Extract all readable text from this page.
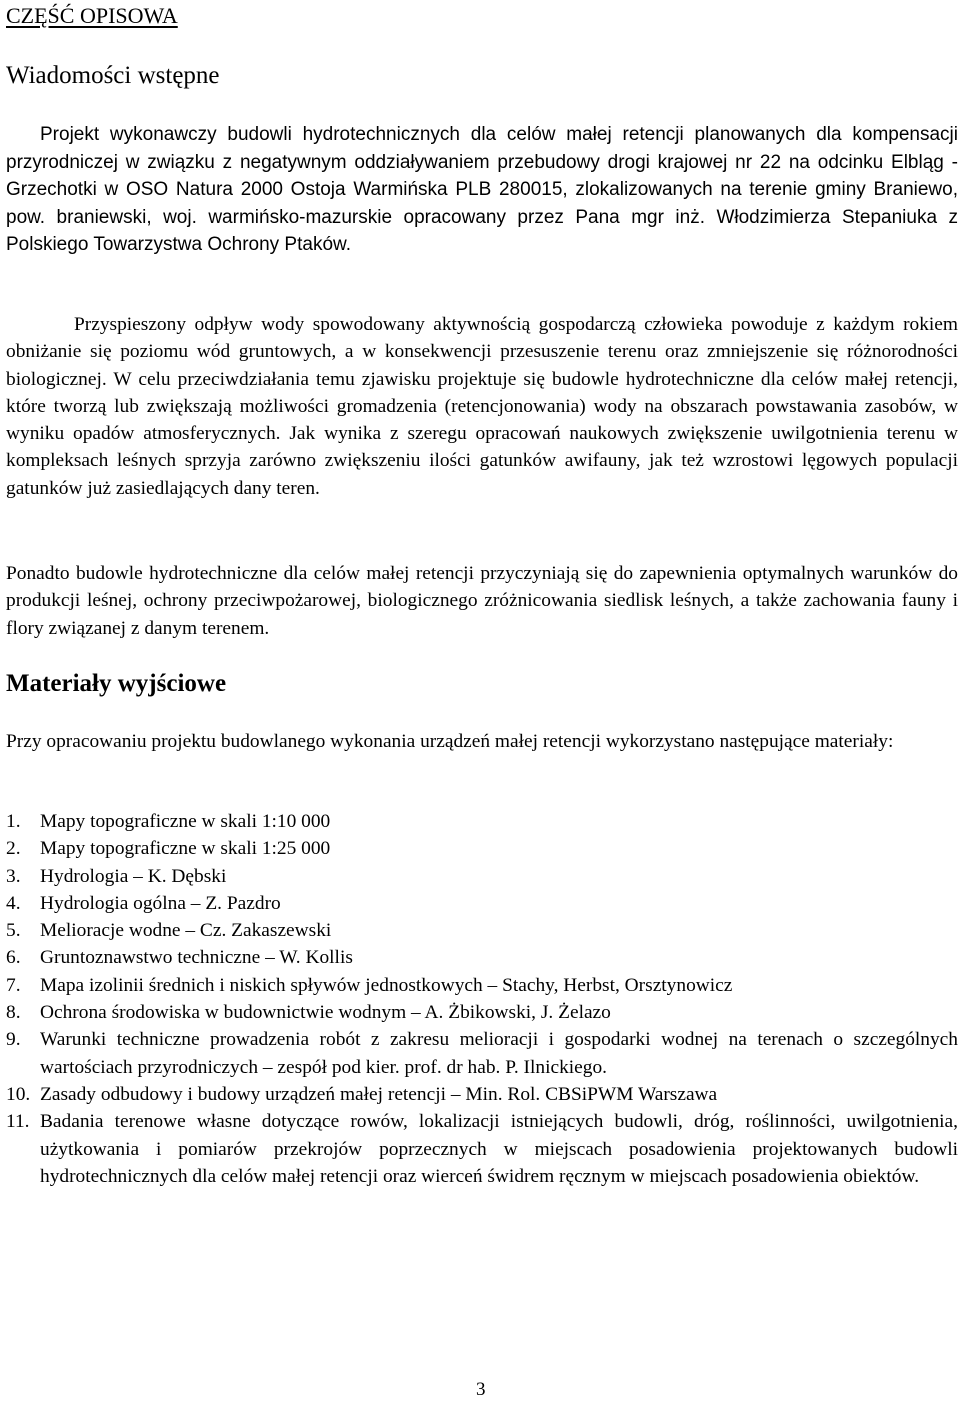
CZĘŚĆ OPISOWA
Wiadomości wstępne

Projekt wykonawczy budowli hydrotechnicznych dla celów małej retencji planowanych dla kompensacji przyrodniczej w związku z negatywnym oddziaływaniem przebudowy drogi krajowej nr 22 na odcinku Elbląg - Grzechotki w OSO Natura 2000 Ostoja Warmińska PLB 280015, zlokalizowanych na terenie gminy Braniewo, pow. braniewski, woj. warmińsko-mazurskie opracowany przez Pana mgr inż. Włodzimierza Stepaniuka z Polskiego Towarzystwa Ochrony Ptaków.

Przyspieszony odpływ wody spowodowany aktywnością gospodarczą człowieka powoduje z każdym rokiem obniżanie się poziomu wód gruntowych, a w konsekwencji przesuszenie terenu oraz zmniejszenie się różnorodności biologicznej. W celu przeciwdziałania temu zjawisku projektuje się budowle hydrotechniczne dla celów małej retencji, które tworzą lub zwiększają możliwości gromadzenia (retencjonowania) wody na obszarach powstawania zasobów, w wyniku opadów atmosferycznych. Jak wynika z szeregu opracowań naukowych zwiększenie uwilgotnienia terenu w kompleksach leśnych sprzyja zarówno zwiększeniu ilości gatunków awifauny, jak też wzrostowi lęgowych populacji gatunków już zasiedlających dany teren.

Ponadto budowle hydrotechniczne dla celów małej retencji przyczyniają się do zapewnienia optymalnych warunków do produkcji leśnej, ochrony przeciwpożarowej, biologicznego zróżnicowania siedlisk leśnych, a także zachowania fauny i flory związanej z danym terenem.

Materiały wyjściowe

Przy opracowaniu projektu budowlanego wykonania urządzeń małej retencji wykorzystano następujące materiały:

1. Mapy topograficzne w skali 1:10 000
2. Mapy topograficzne w skali 1:25 000
3. Hydrologia – K. Dębski
4. Hydrologia ogólna – Z. Pazdro
5. Melioracje wodne – Cz. Zakaszewski
6. Gruntoznawstwo techniczne – W. Kollis
7. Mapa izolinii średnich i niskich spływów jednostkowych – Stachy, Herbst, Orsztynowicz
8. Ochrona środowiska w budownictwie wodnym – A. Żbikowski, J. Żelazo
9. Warunki techniczne prowadzenia robót z zakresu melioracji i gospodarki wodnej na terenach o szczególnych wartościach przyrodniczych – zespół pod kier. prof. dr hab. P. Ilnickiego.
10. Zasady odbudowy i budowy urządzeń małej retencji – Min. Rol. CBSiPWM Warszawa
11. Badania terenowe własne dotyczące rowów, lokalizacji istniejących budowli, dróg, roślinności, uwilgotnienia, użytkowania i pomiarów przekrojów poprzecznych w miejscach posadowienia projektowanych budowli hydrotechnicznych dla celów małej retencji oraz wierceń świdrem ręcznym w miejscach posadowienia obiektów.
3
